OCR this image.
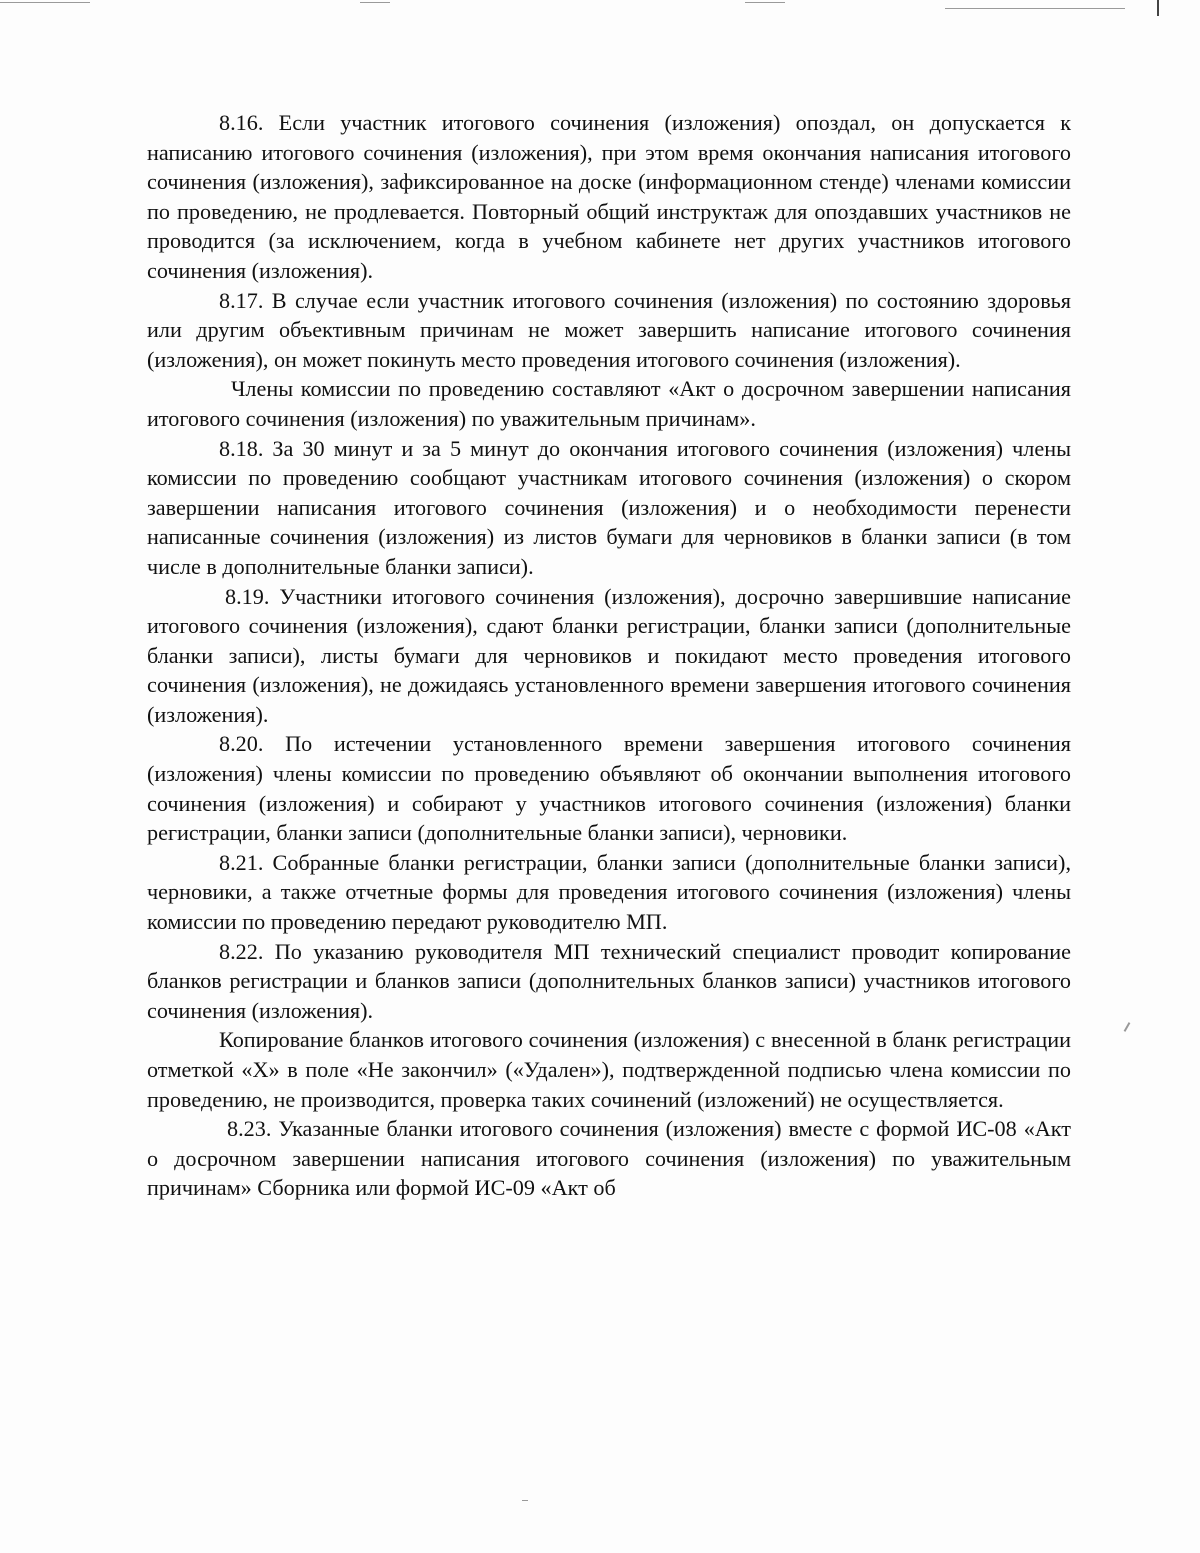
8.16. Если участник итогового сочинения (изложения) опоздал, он допускается к написанию итогового сочинения (изложения), при этом время окончания написания итогового сочинения (изложения), зафиксированное на доске (информационном стенде) членами комиссии по проведению, не продлевается. Повторный общий инструктаж для опоздавших участников не проводится (за исключением, когда в учебном кабинете нет других участников итогового сочинения (изложения).

8.17. В случае если участник итогового сочинения (изложения) по состоянию здоровья или другим объективным причинам не может завершить написание итогового сочинения (изложения), он может покинуть место проведения итогового сочинения (изложения).

Члены комиссии по проведению составляют «Акт о досрочном завершении написания итогового сочинения (изложения) по уважительным причинам».

8.18. За 30 минут и за 5 минут до окончания итогового сочинения (изложения) члены комиссии по проведению сообщают участникам итогового сочинения (изложения) о скором завершении написания итогового сочинения (изложения) и о необходимости перенести написанные сочинения (изложения) из листов бумаги для черновиков в бланки записи (в том числе в дополнительные бланки записи).

8.19. Участники итогового сочинения (изложения), досрочно завершившие написание итогового сочинения (изложения), сдают бланки регистрации, бланки записи (дополнительные бланки записи), листы бумаги для черновиков и покидают место проведения итогового сочинения (изложения), не дожидаясь установленного времени завершения итогового сочинения (изложения).

8.20. По истечении установленного времени завершения итогового сочинения (изложения) члены комиссии по проведению объявляют об окончании выполнения итогового сочинения (изложения) и собирают у участников итогового сочинения (изложения) бланки регистрации, бланки записи (дополнительные бланки записи), черновики.

8.21. Собранные бланки регистрации, бланки записи (дополнительные бланки записи), черновики, а также отчетные формы для проведения итогового сочинения (изложения) члены комиссии по проведению передают руководителю МП.

8.22. По указанию руководителя МП технический специалист проводит копирование бланков регистрации и бланков записи (дополнительных бланков записи) участников итогового сочинения (изложения).

Копирование бланков итогового сочинения (изложения) с внесенной в бланк регистрации отметкой «Х» в поле «Не закончил» («Удален»), подтвержденной подписью члена комиссии по проведению, не производится, проверка таких сочинений (изложений) не осуществляется.

8.23. Указанные бланки итогового сочинения (изложения) вместе с формой ИС-08 «Акт о досрочном завершении написания итогового сочинения (изложения) по уважительным причинам» Сборника или формой ИС-09 «Акт об
